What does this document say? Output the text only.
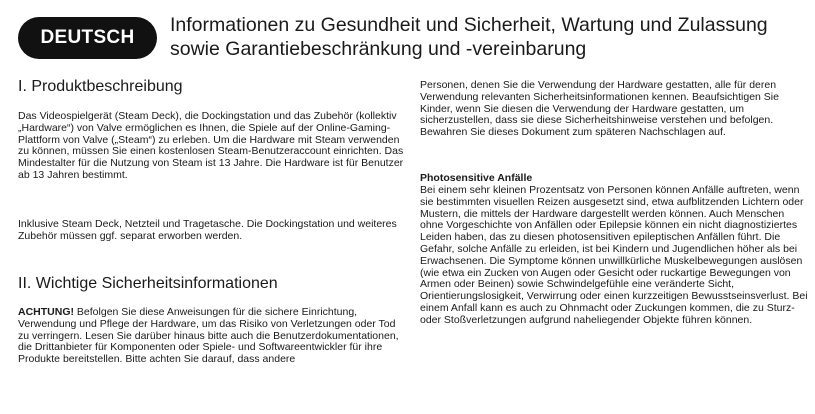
DEUTSCH
Informationen zu Gesundheit und Sicherheit, Wartung und Zulassung sowie Garantiebeschränkung und -vereinbarung
I. Produktbeschreibung

Das Videospielgerät (Steam Deck), die Dockingstation und das Zubehör (kollektiv „Hardware“) von Valve ermöglichen es Ihnen, die Spiele auf der Online-Gaming-Plattform von Valve („Steam“) zu erleben. Um die Hardware mit Steam verwenden zu können, müssen Sie einen kostenlosen Steam-Benutzeraccount einrichten. Das Mindestalter für die Nutzung von Steam ist 13 Jahre. Die Hardware ist für Benutzer ab 13 Jahren bestimmt.

Inklusive Steam Deck, Netzteil und Tragetasche. Die Dockingstation und weiteres Zubehör müssen ggf. separat erworben werden.

II. Wichtige Sicherheitsinformationen

ACHTUNG! Befolgen Sie diese Anweisungen für die sichere Einrichtung, Verwendung und Pflege der Hardware, um das Risiko von Verletzungen oder Tod zu verringern. Lesen Sie darüber hinaus bitte auch die Benutzerdokumentationen, die Drittanbieter für Komponenten oder Spiele- und Softwareentwickler für ihre Produkte bereitstellen. Bitte achten Sie darauf, dass andere

Personen, denen Sie die Verwendung der Hardware gestatten, alle für deren Verwendung relevanten Sicherheitsinformationen kennen. Beaufsichtigen Sie Kinder, wenn Sie diesen die Verwendung der Hardware gestatten, um sicherzustellen, dass sie diese Sicherheitshinweise verstehen und befolgen. Bewahren Sie dieses Dokument zum späteren Nachschlagen auf.

Photosensitive Anfälle

Bei einem sehr kleinen Prozentsatz von Personen können Anfälle auftreten, wenn sie bestimmten visuellen Reizen ausgesetzt sind, etwa aufblitzenden Lichtern oder Mustern, die mittels der Hardware dargestellt werden können. Auch Menschen ohne Vorgeschichte von Anfällen oder Epilepsie können ein nicht diagnostiziertes Leiden haben, das zu diesen photosensitiven epileptischen Anfällen führt. Die Gefahr, solche Anfälle zu erleiden, ist bei Kindern und Jugendlichen höher als bei Erwachsenen. Die Symptome können unwillkürliche Muskelbewegungen auslösen (wie etwa ein Zucken von Augen oder Gesicht oder ruckartige Bewegungen von Armen oder Beinen) sowie Schwindelgefühle eine veränderte Sicht, Orientierungslosigkeit, Verwirrung oder einen kurzzeitigen Bewusstseinsverlust. Bei einem Anfall kann es auch zu Ohnmacht oder Zuckungen kommen, die zu Sturz- oder Stoßverletzungen aufgrund naheliegender Objekte führen können.
